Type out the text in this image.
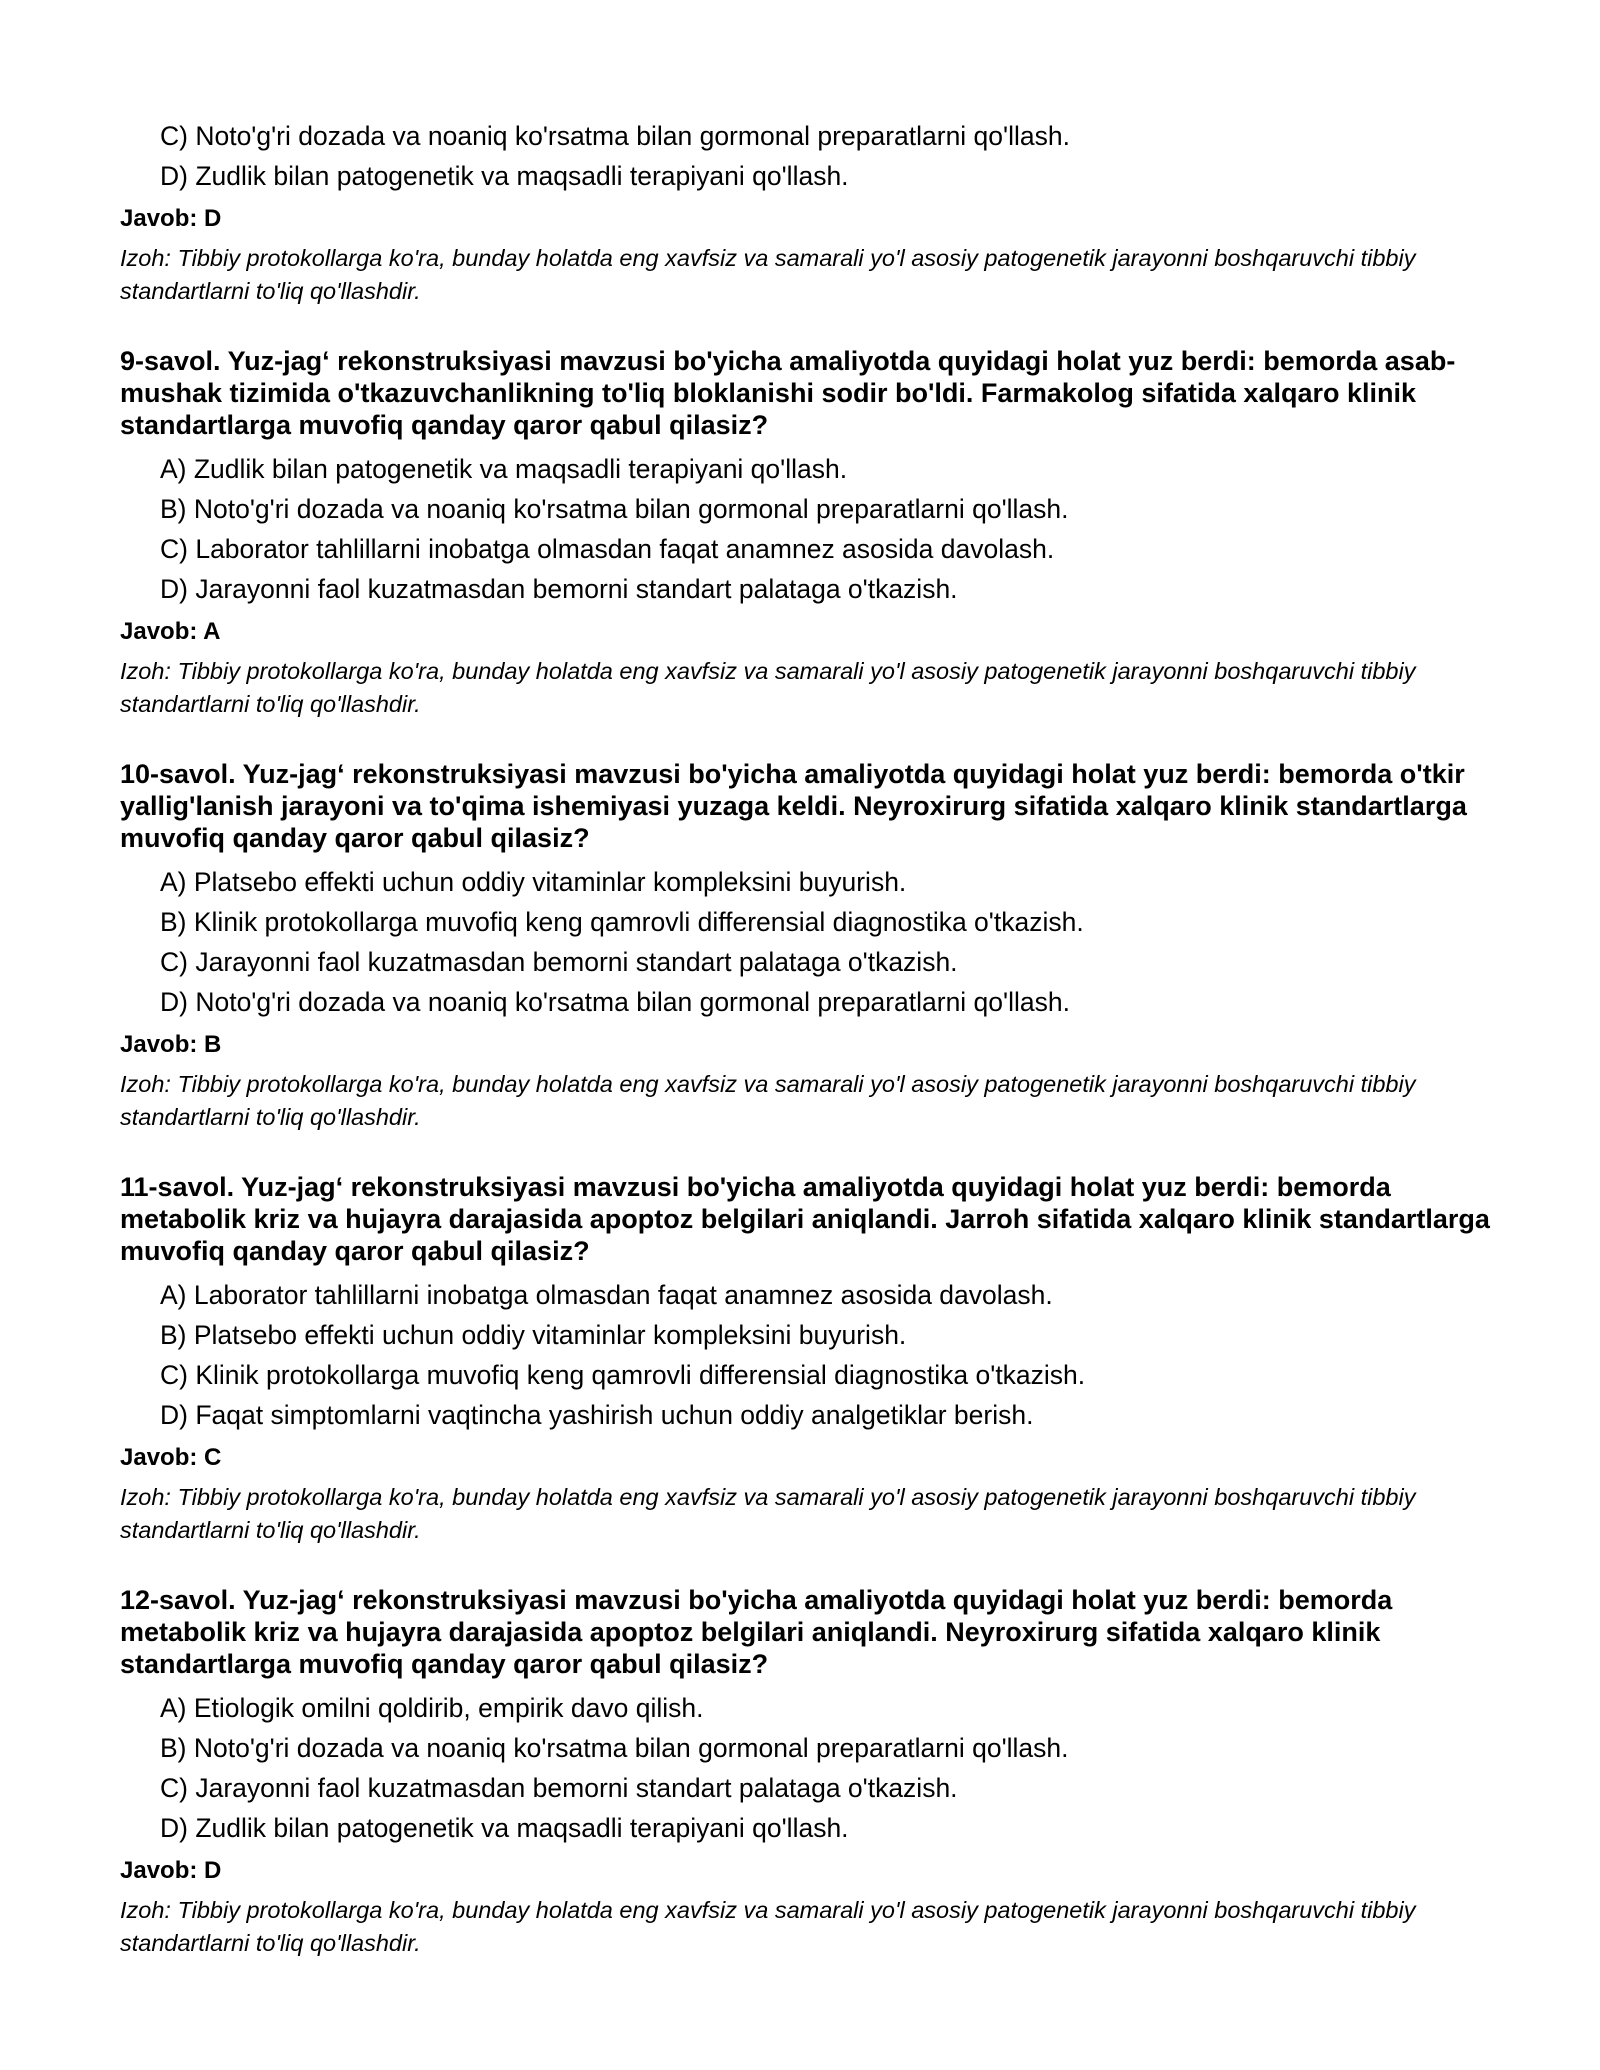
C) Noto'g'ri dozada va noaniq ko'rsatma bilan gormonal preparatlarni qo'llash.
D) Zudlik bilan patogenetik va maqsadli terapiyani qo'llash.
Javob: D
Izoh: Tibbiy protokollarga ko'ra, bunday holatda eng xavfsiz va samarali yo'l asosiy patogenetik jarayonni boshqaruvchi tibbiy standartlarni to'liq qo'llashdir.
9-savol. Yuz-jag‘ rekonstruksiyasi mavzusi bo'yicha amaliyotda quyidagi holat yuz berdi: bemorda asab-mushak tizimida o'tkazuvchanlikning to'liq bloklanishi sodir bo'ldi. Farmakolog sifatida xalqaro klinik standartlarga muvofiq qanday qaror qabul qilasiz?
A) Zudlik bilan patogenetik va maqsadli terapiyani qo'llash.
B) Noto'g'ri dozada va noaniq ko'rsatma bilan gormonal preparatlarni qo'llash.
C) Laborator tahlillarni inobatga olmasdan faqat anamnez asosida davolash.
D) Jarayonni faol kuzatmasdan bemorni standart palataga o'tkazish.
Javob: A
Izoh: Tibbiy protokollarga ko'ra, bunday holatda eng xavfsiz va samarali yo'l asosiy patogenetik jarayonni boshqaruvchi tibbiy standartlarni to'liq qo'llashdir.
10-savol. Yuz-jag‘ rekonstruksiyasi mavzusi bo'yicha amaliyotda quyidagi holat yuz berdi: bemorda o'tkir yallig'lanish jarayoni va to'qima ishemiyasi yuzaga keldi. Neyroxirurg sifatida xalqaro klinik standartlarga muvofiq qanday qaror qabul qilasiz?
A) Platsebo effekti uchun oddiy vitaminlar kompleksini buyurish.
B) Klinik protokollarga muvofiq keng qamrovli differensial diagnostika o'tkazish.
C) Jarayonni faol kuzatmasdan bemorni standart palataga o'tkazish.
D) Noto'g'ri dozada va noaniq ko'rsatma bilan gormonal preparatlarni qo'llash.
Javob: B
Izoh: Tibbiy protokollarga ko'ra, bunday holatda eng xavfsiz va samarali yo'l asosiy patogenetik jarayonni boshqaruvchi tibbiy standartlarni to'liq qo'llashdir.
11-savol. Yuz-jag‘ rekonstruksiyasi mavzusi bo'yicha amaliyotda quyidagi holat yuz berdi: bemorda metabolik kriz va hujayra darajasida apoptoz belgilari aniqlandi. Jarroh sifatida xalqaro klinik standartlarga muvofiq qanday qaror qabul qilasiz?
A) Laborator tahlillarni inobatga olmasdan faqat anamnez asosida davolash.
B) Platsebo effekti uchun oddiy vitaminlar kompleksini buyurish.
C) Klinik protokollarga muvofiq keng qamrovli differensial diagnostika o'tkazish.
D) Faqat simptomlarni vaqtincha yashirish uchun oddiy analgetiklar berish.
Javob: C
Izoh: Tibbiy protokollarga ko'ra, bunday holatda eng xavfsiz va samarali yo'l asosiy patogenetik jarayonni boshqaruvchi tibbiy standartlarni to'liq qo'llashdir.
12-savol. Yuz-jag‘ rekonstruksiyasi mavzusi bo'yicha amaliyotda quyidagi holat yuz berdi: bemorda metabolik kriz va hujayra darajasida apoptoz belgilari aniqlandi. Neyroxirurg sifatida xalqaro klinik standartlarga muvofiq qanday qaror qabul qilasiz?
A) Etiologik omilni qoldirib, empirik davo qilish.
B) Noto'g'ri dozada va noaniq ko'rsatma bilan gormonal preparatlarni qo'llash.
C) Jarayonni faol kuzatmasdan bemorni standart palataga o'tkazish.
D) Zudlik bilan patogenetik va maqsadli terapiyani qo'llash.
Javob: D
Izoh: Tibbiy protokollarga ko'ra, bunday holatda eng xavfsiz va samarali yo'l asosiy patogenetik jarayonni boshqaruvchi tibbiy standartlarni to'liq qo'llashdir.
